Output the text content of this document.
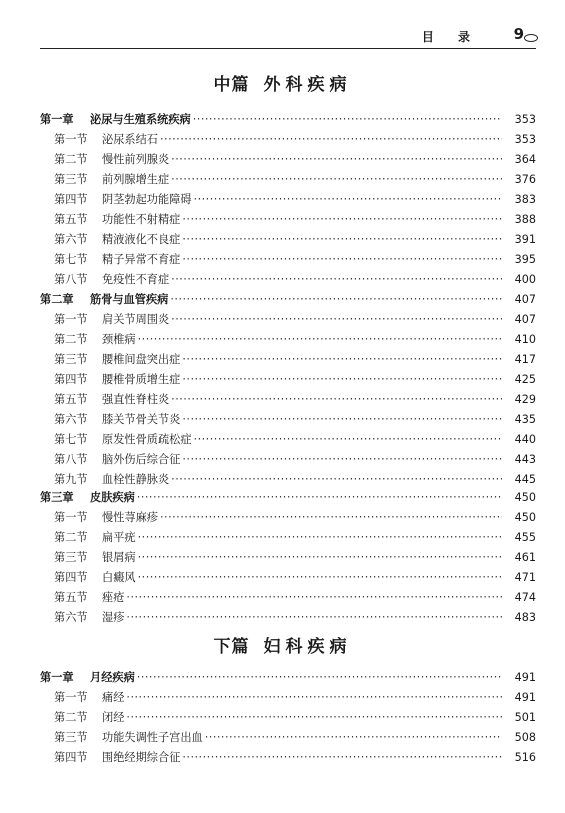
目 录 9
中篇 外科疾病
第一章 泌尿与生殖系统疾病 ·····	353
第一节 泌尿系结石 ·····	353
第二节 慢性前列腺炎 ·····	364
第三节 前列腺增生症 ·····	376
第四节 阴茎勃起功能障碍 ·····	383
第五节 功能性不射精症 ·····	388
第六节 精液液化不良症 ·····	391
第七节 精子异常不育症 ·····	395
第八节 免疫性不育症 ·····	400
第二章 筋骨与血管疾病 ·····	407
第一节 肩关节周围炎 ·····	407
第二节 颈椎病 ·····	410
第三节 腰椎间盘突出症 ·····	417
第四节 腰椎骨质增生症 ·····	425
第五节 强直性脊柱炎 ·····	429
第六节 膝关节骨关节炎 ·····	435
第七节 原发性骨质疏松症 ·····	440
第八节 脑外伤后综合征 ·····	443
第九节 血栓性静脉炎 ·····	445
第三章 皮肤疾病 ·····	450
第一节 慢性荨麻疹 ·····	450
第二节 扁平疣 ·····	455
第三节 银屑病 ·····	461
第四节 白癜风 ·····	471
第五节 痤疮 ·····	474
第六节 湿疹 ·····	483
下篇 妇科疾病
第一章 月经疾病 ·····	491
第一节 痛经 ·····	491
第二节 闭经 ·····	501
第三节 功能失调性子宫出血 ·····	508
第四节 围绝经期综合征 ·····	516
